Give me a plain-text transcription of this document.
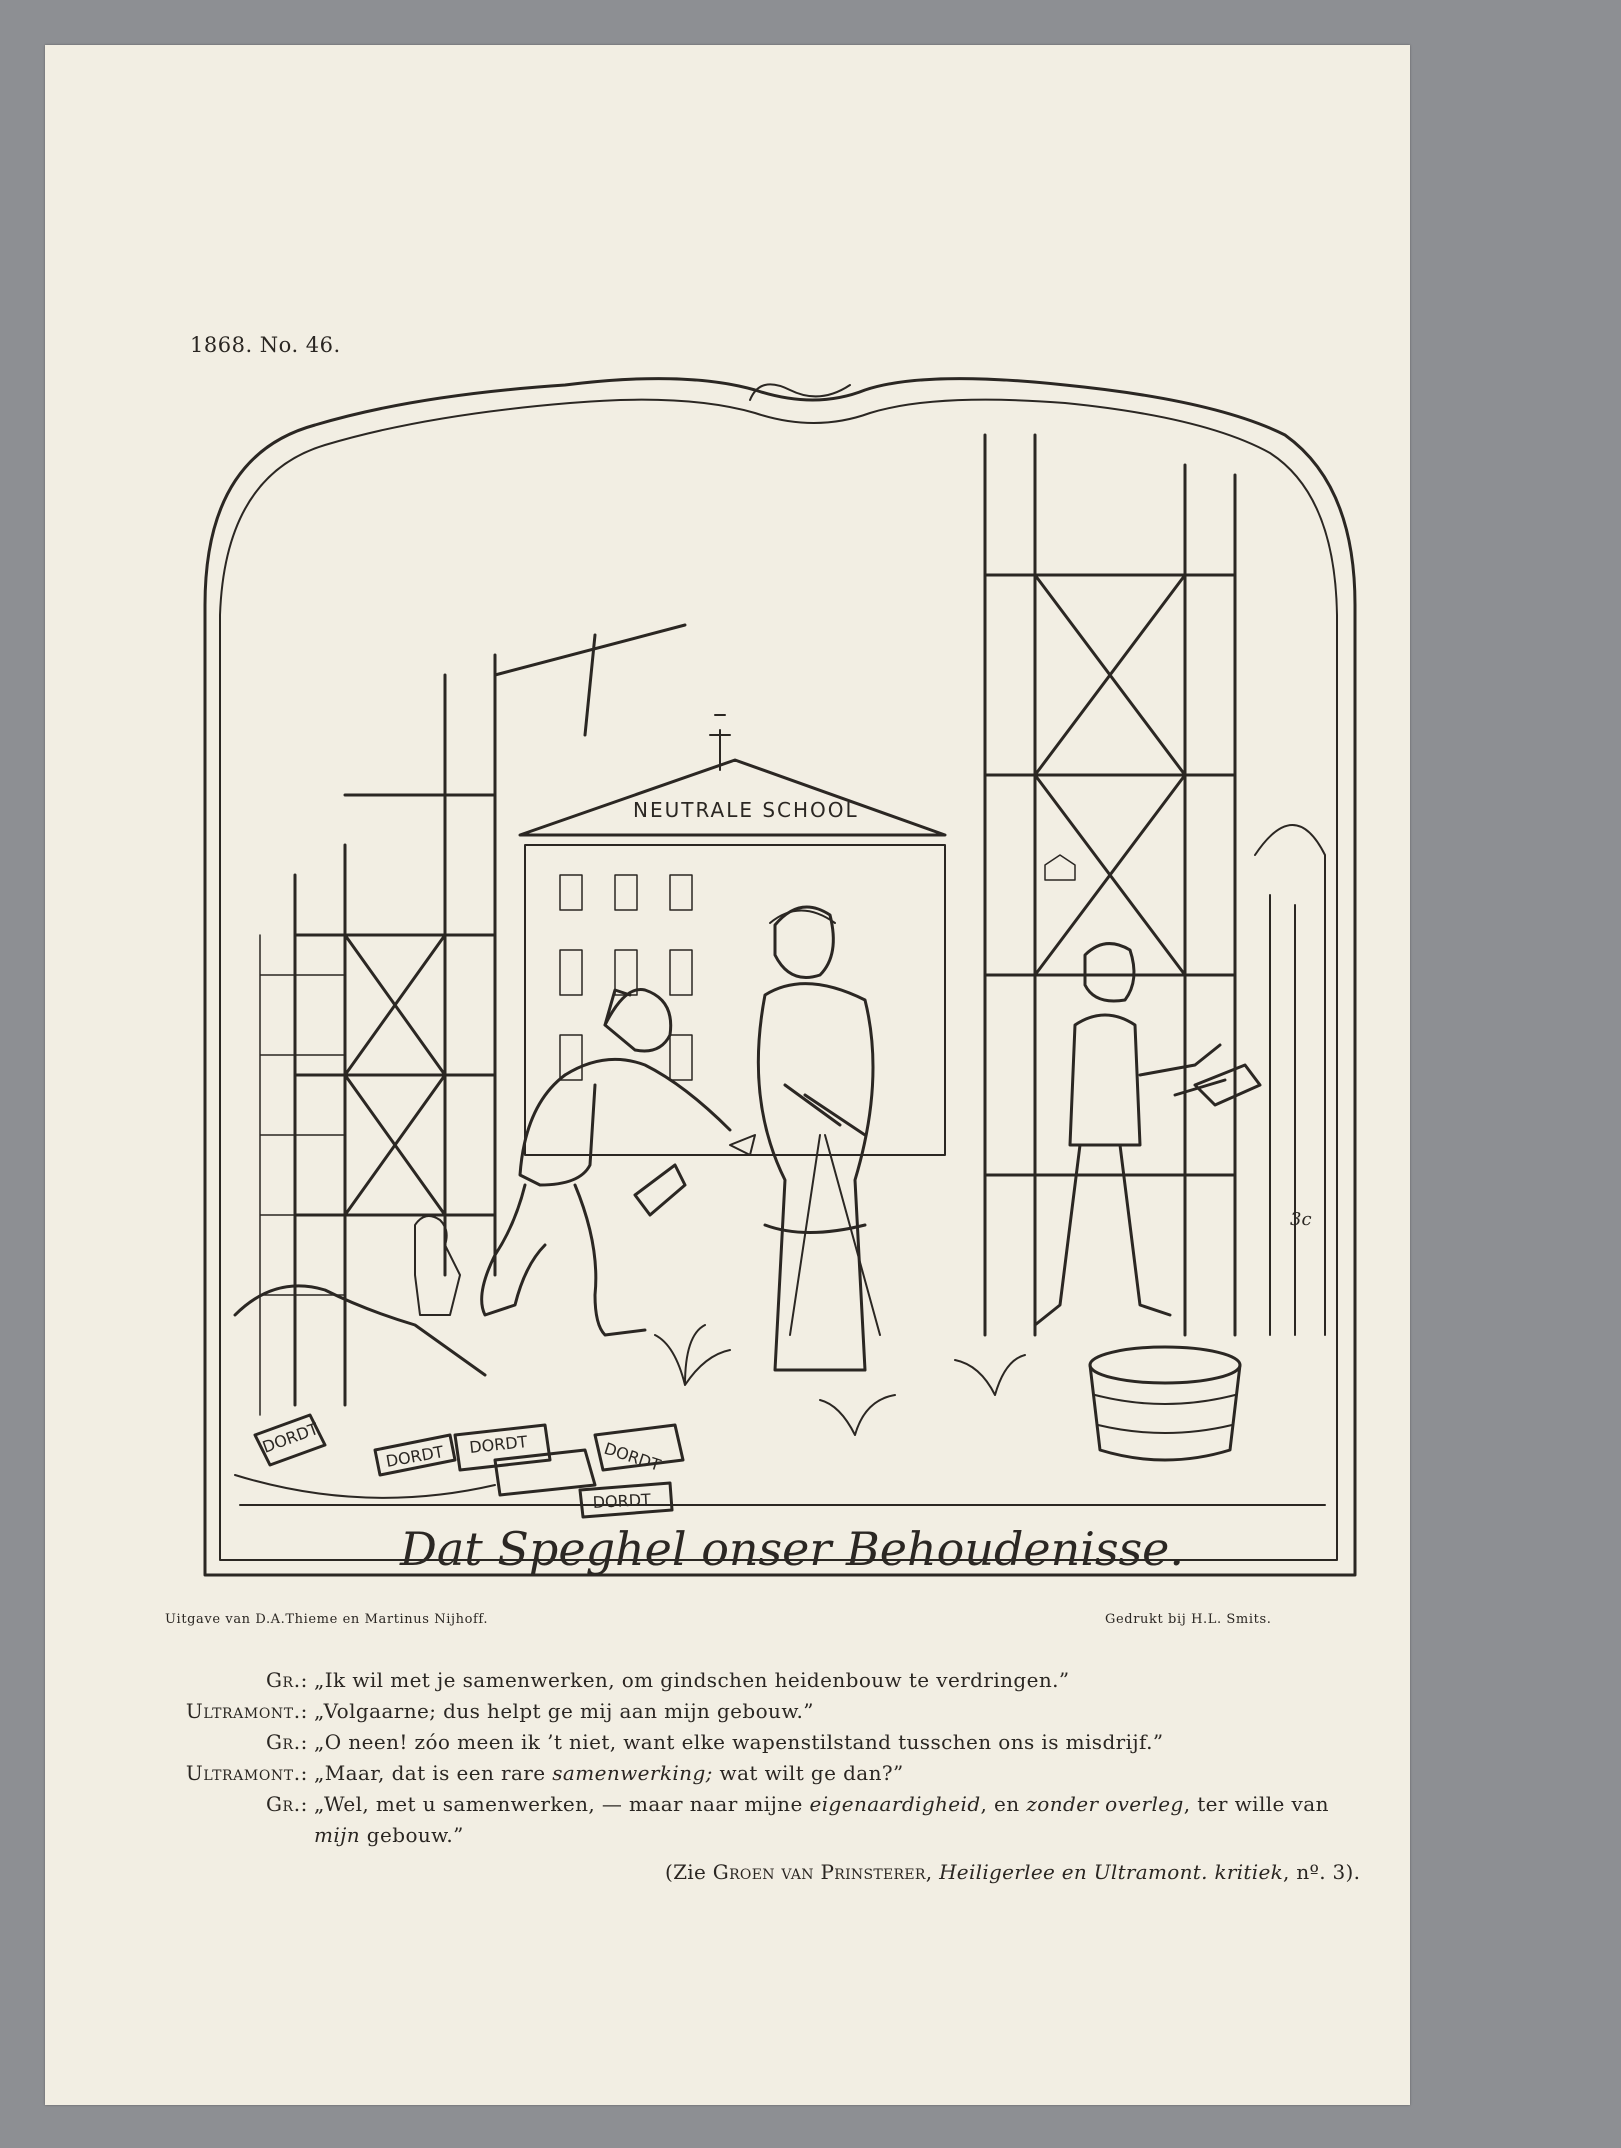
1868. No. 46.
NEUTRALE SCHOOL
DORDT	DORDT DORDT	DORDT
DORDT
3c
Dat Speghel onser Behoudenisse.
Uitgave van D.A.Thieme en Martinus Nijhoff.	Gedrukt bij H.L. Smits.
Gr.: „Ik wil met je samenwerken, om gindschen heidenbouw te verdringen.”
Ultramont.: „Volgaarne; dus helpt ge mij aan mijn gebouw.”
Gr.: „O neen! zóo meen ik ’t niet, want elke wapenstilstand tusschen ons is misdrijf.”
Ultramont.: „Maar, dat is een rare samenwerking; wat wilt ge dan?”
Gr.: „Wel, met u samenwerken, — maar naar mijne eigenaardigheid, en zonder overleg, ter wille van
mijn gebouw.”
(Zie Groen van Prinsterer, Heiligerlee en Ultramont. kritiek, nº. 3).
